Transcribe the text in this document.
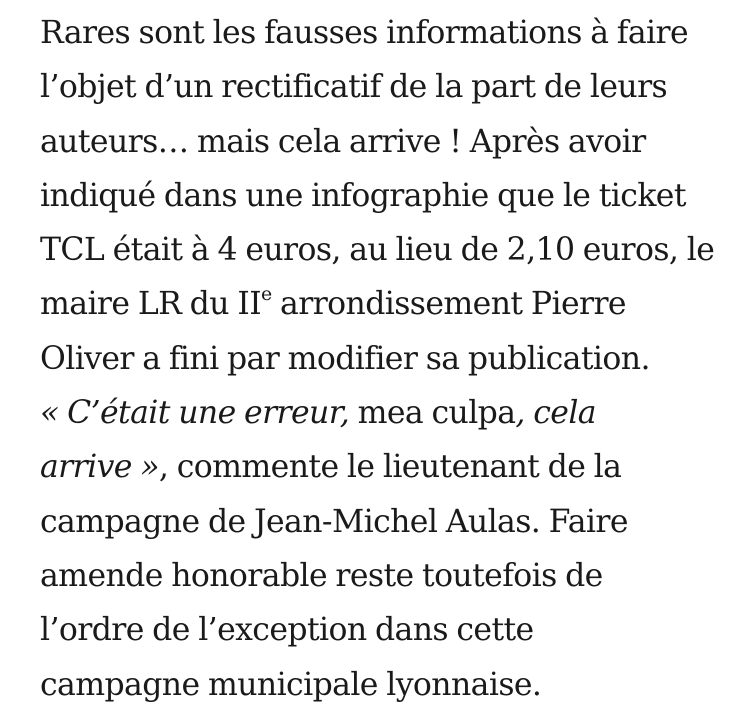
Rares sont les fausses informations à faire
l’objet d’un rectificatif de la part de leurs
auteurs… mais cela arrive ! Après avoir
indiqué dans une infographie que le ticket
TCL était à 4 euros, au lieu de 2,10 euros, le
maire LR du IIe arrondissement Pierre
Oliver a fini par modifier sa publication.
« C’était une erreur, mea culpa, cela
arrive », commente le lieutenant de la
campagne de Jean-Michel Aulas. Faire
amende honorable reste toutefois de
l’ordre de l’exception dans cette
campagne municipale lyonnaise.
